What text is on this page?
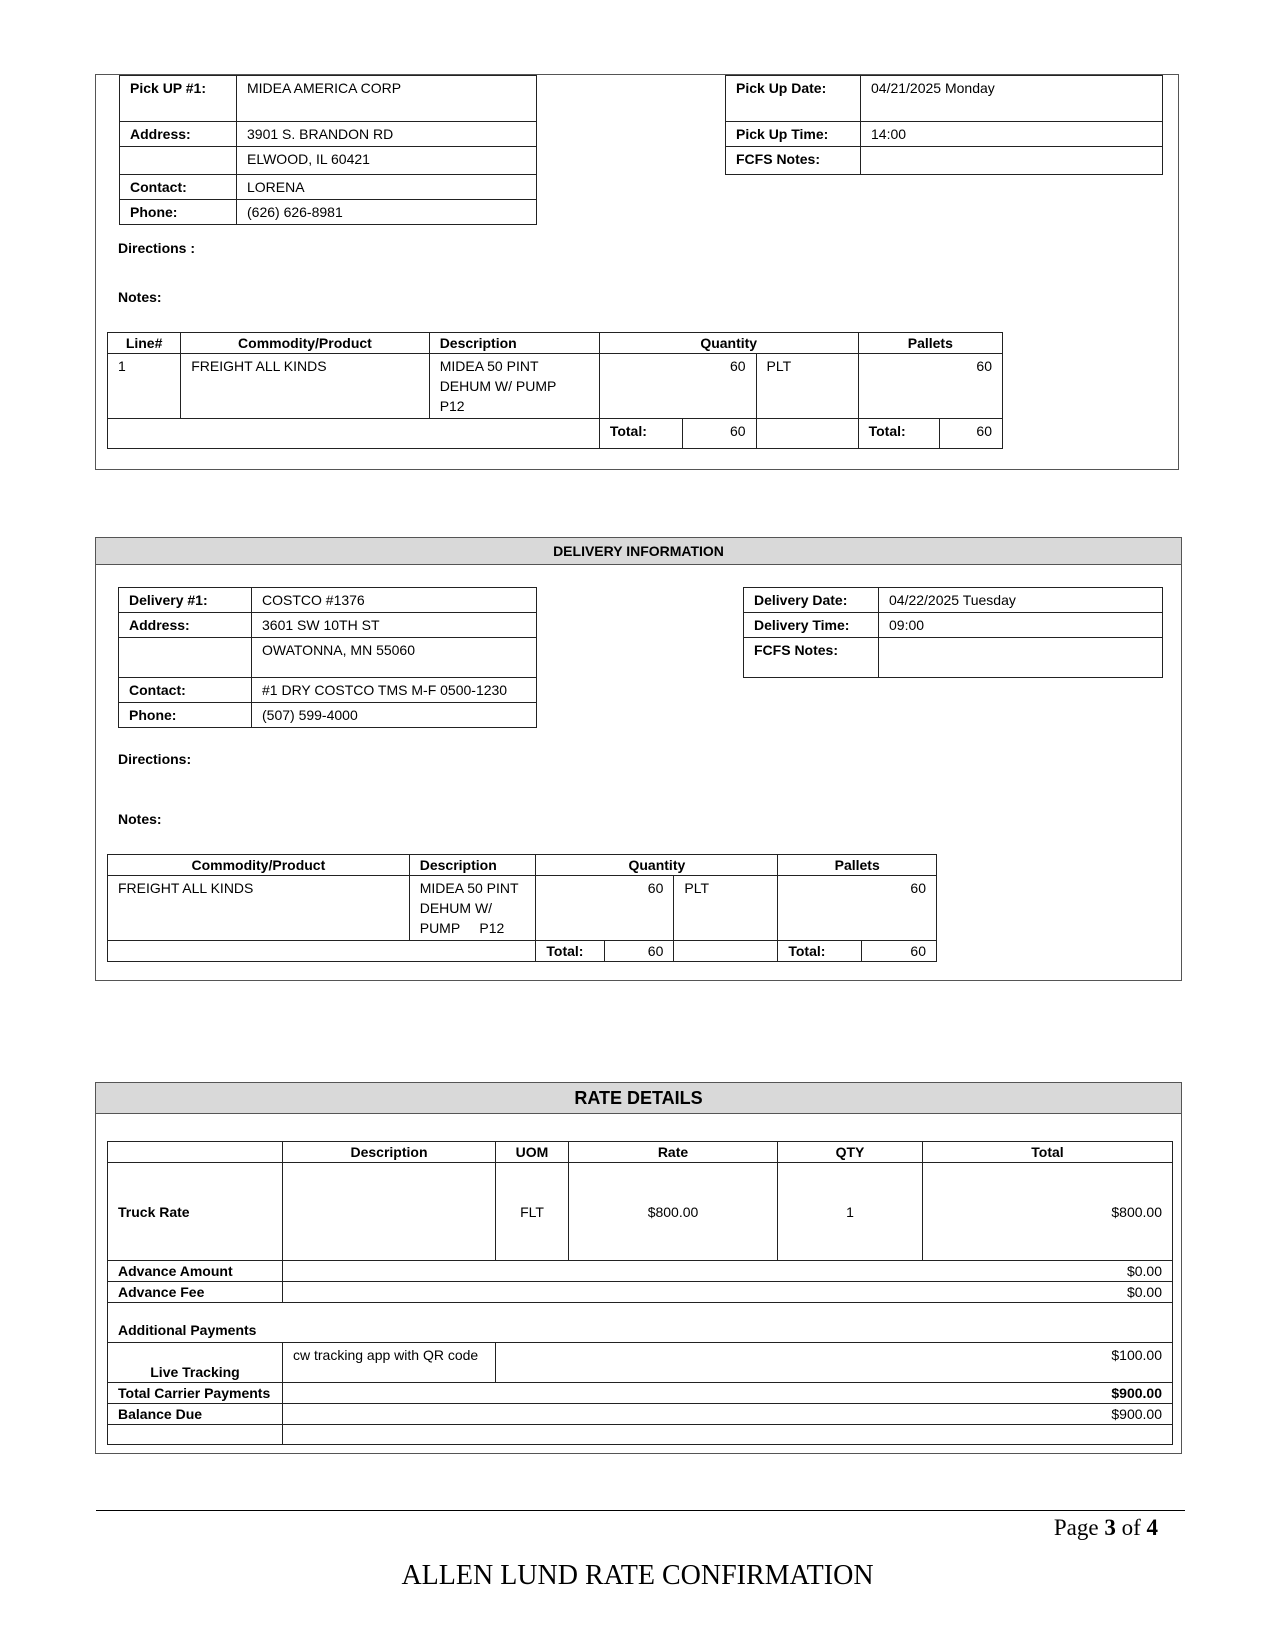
Pick UP #1:	MIDEA AMERICA CORP
Address:	3901 S. BRANDON RD
	ELWOOD, IL 60421
Contact:	LORENA
Phone:	(626) 626-8981
Pick Up Date:	04/21/2025 Monday
Pick Up Time:	14:00
FCFS Notes:	
Directions :
Notes:
Line#	Commodity/Product	Description	Quantity			Pallets	
1	FREIGHT ALL KINDS	MIDEA 50 PINT
DEHUM W/ PUMP
P12	60		PLT	60	
			Total:	60		Total:	60
DELIVERY INFORMATION
Delivery #1:	COSTCO #1376
Address:	3601 SW 10TH ST
	OWATONNA, MN 55060
Contact:	#1 DRY COSTCO TMS M-F 0500-1230
Phone:	(507) 599-4000
Delivery Date:	04/22/2025 Tuesday
Delivery Time:	09:00
FCFS Notes:	
Directions:
Notes:
Commodity/Product	Description	Quantity			Pallets	
FREIGHT ALL KINDS	MIDEA 50 PINT
DEHUM W/
PUMP     P12	60		PLT	60	
		Total:	60		Total:	60
RATE DETAILS
	Description	UOM	Rate	QTY	Total
Truck Rate		FLT	$800.00	1	$800.00
Advance Amount	$0.00				
Advance Fee	$0.00				
Additional Payments					
Live Tracking	cw tracking app with QR code	$100.00			
Total Carrier Payments	$900.00				
Balance Due	$900.00				

Page 3 of 4
ALLEN LUND RATE CONFIRMATION
